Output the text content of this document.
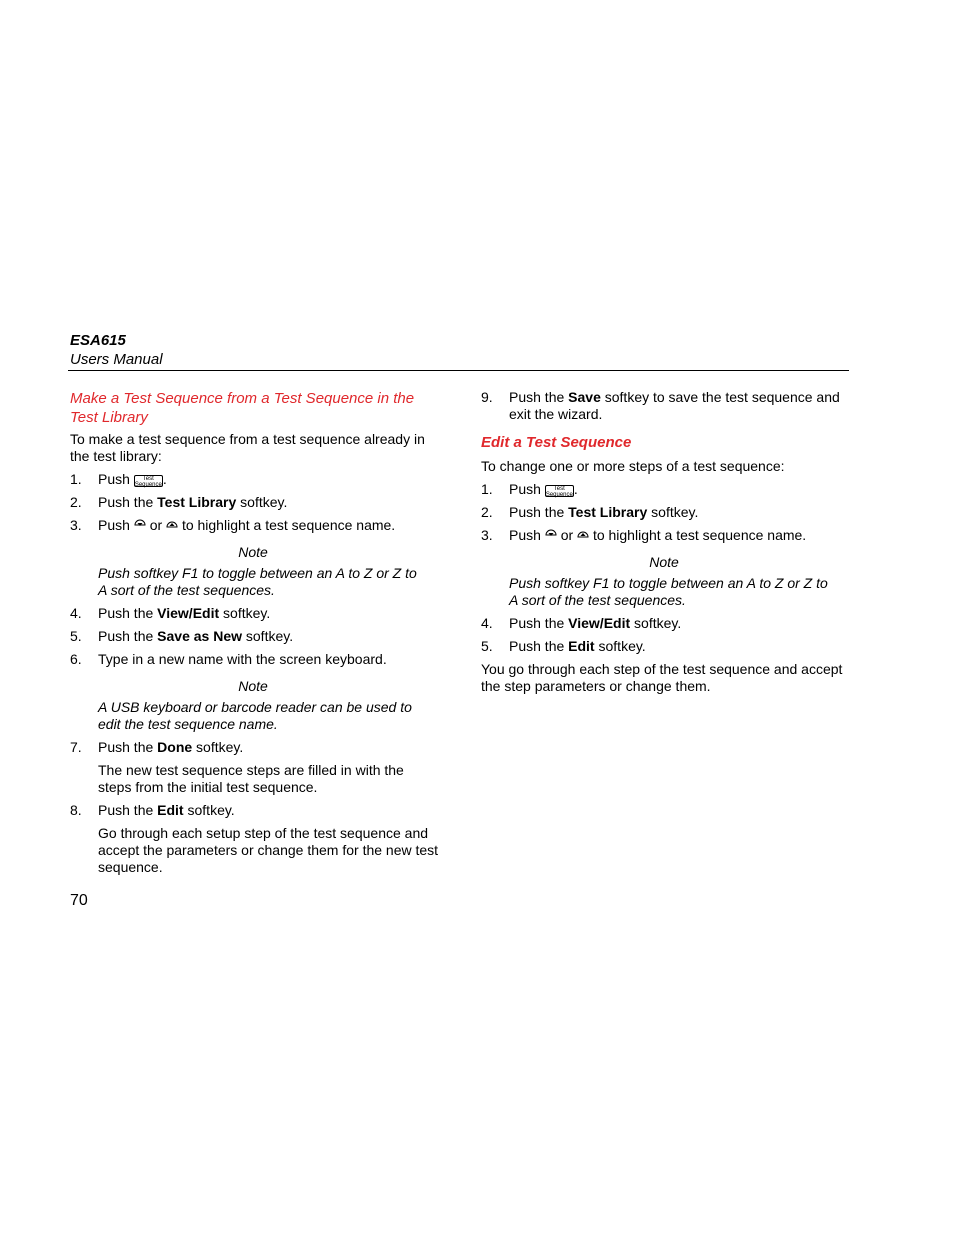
ESA615
Users Manual
Make a Test Sequence from a Test Sequence in the Test Library
To make a test sequence from a test sequence already in the test library:
1.	Push	Test
Sequence .
2.	Push the Test Library softkey.
3.	Push or to highlight a test sequence name.
Note
Push softkey F1 to toggle between an A to Z or Z to A sort of the test sequences.
4.	Push the View/Edit softkey.
5.	Push the Save as New softkey.
6.	Type in a new name with the screen keyboard.
Note
A USB keyboard or barcode reader can be used to edit the test sequence name.
7.	Push the Done softkey.
The new test sequence steps are filled in with the steps from the initial test sequence.
8.	Push the Edit softkey.
Go through each setup step of the test sequence and accept the parameters or change them for the new test sequence.
9.	Push the Save softkey to save the test sequence and exit the wizard.
Edit a Test Sequence
To change one or more steps of a test sequence:
1.	Push	Test
Sequence .
2.	Push the Test Library softkey.
3.	Push or to highlight a test sequence name.
Note
Push softkey F1 to toggle between an A to Z or Z to A sort of the test sequences.
4.	Push the View/Edit softkey.
5.	Push the Edit softkey.
You go through each step of the test sequence and accept the step parameters or change them.
70
